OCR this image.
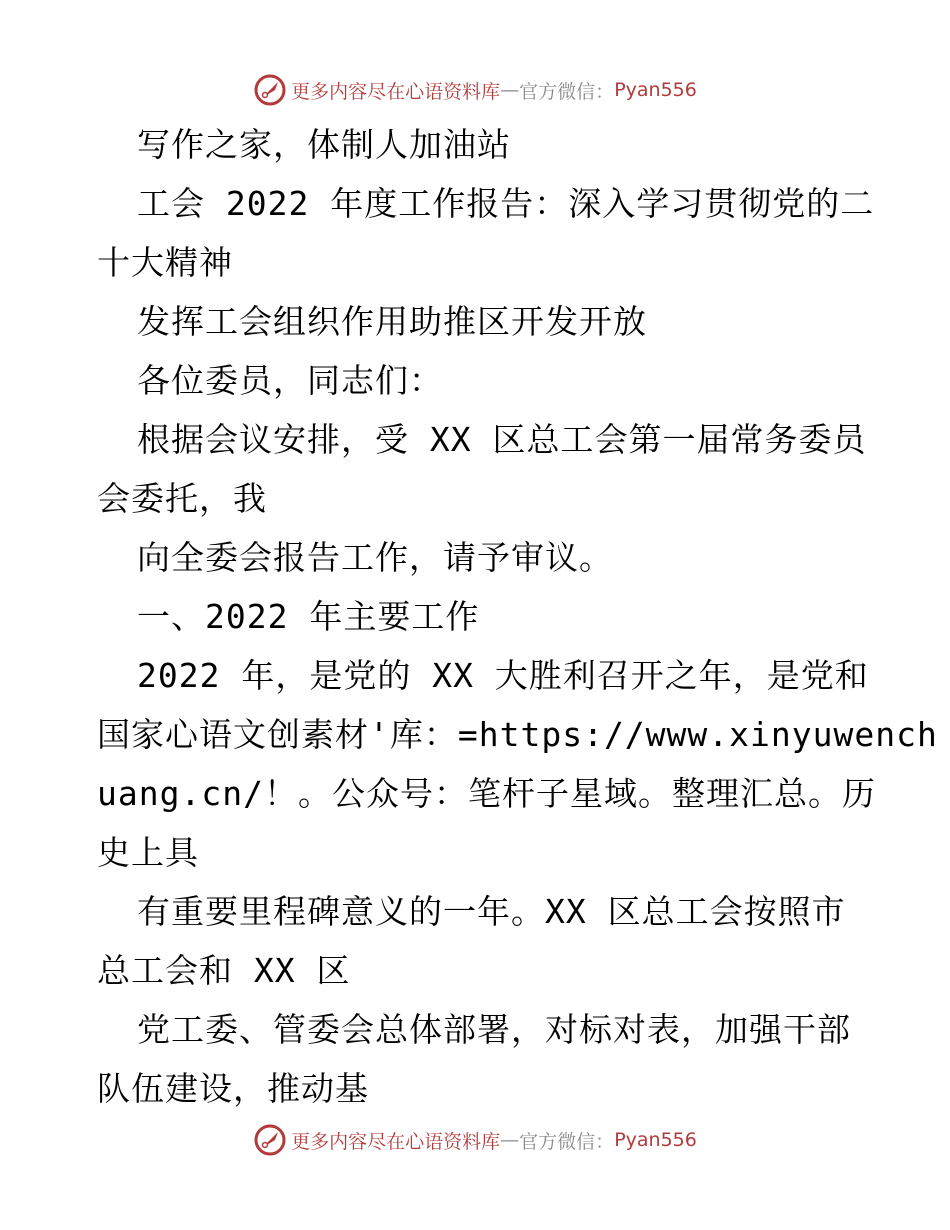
更多内容尽在心语资料库 — 官方微信： Pyan556
写作之家，体制人加油站
工会 2022 年度工作报告：深入学习贯彻党的二
十大精神
发挥工会组织作用助推区开发开放
各位委员，同志们：
根据会议安排，受 XX 区总工会第一届常务委员
会委托，我
向全委会报告工作，请予审议。
一、2022 年主要工作
2022 年，是党的 XX 大胜利召开之年，是党和
国家心语文创素材'库：=https://www.xinyuwench
uang.cn/！。公众号：笔杆子星域。整理汇总。历
史上具
有重要里程碑意义的一年。XX 区总工会按照市
总工会和 XX 区
党工委、管委会总体部署，对标对表，加强干部
队伍建设，推动基
更多内容尽在心语资料库 — 官方微信： Pyan556
